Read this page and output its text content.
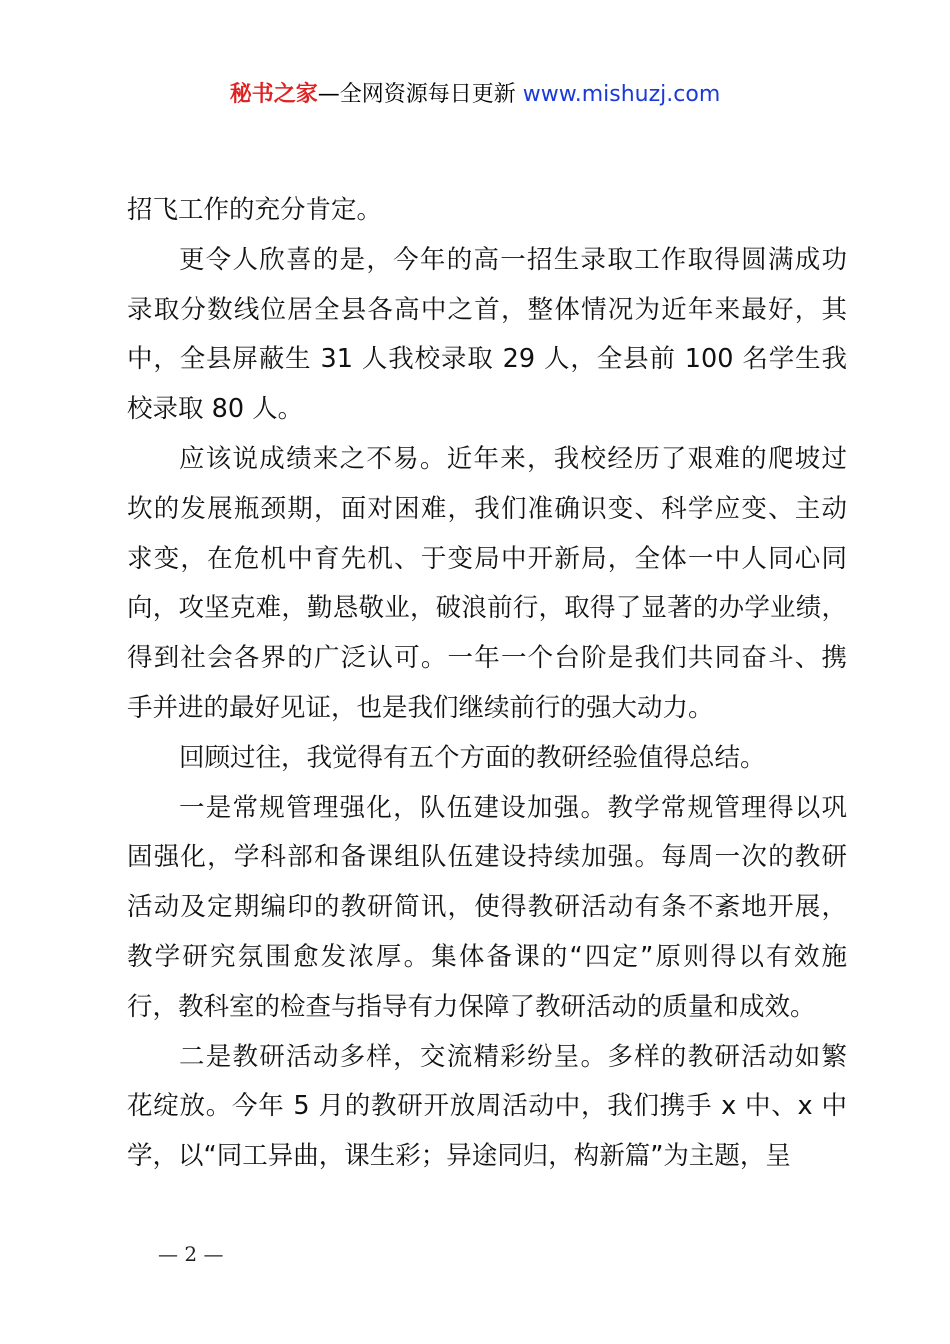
秘书之家—全网资源每日更新 www.mishuzj.com
招飞工作的充分肯定。
更令人欣喜的是，今年的高一招生录取工作取得圆满成功
录取分数线位居全县各高中之首，整体情况为近年来最好，其
中，全县屏蔽生 31 人我校录取 29 人，全县前 100 名学生我
校录取 80 人。
应该说成绩来之不易。近年来，我校经历了艰难的爬坡过
坎的发展瓶颈期，面对困难，我们准确识变、科学应变、主动
求变，在危机中育先机、于变局中开新局，全体一中人同心同
向，攻坚克难，勤恳敬业，破浪前行，取得了显著的办学业绩，
得到社会各界的广泛认可。一年一个台阶是我们共同奋斗、携
手并进的最好见证，也是我们继续前行的强大动力。
回顾过往，我觉得有五个方面的教研经验值得总结。
一是常规管理强化，队伍建设加强。教学常规管理得以巩
固强化，学科部和备课组队伍建设持续加强。每周一次的教研
活动及定期编印的教研简讯，使得教研活动有条不紊地开展，
教学研究氛围愈发浓厚。集体备课的“四定”原则得以有效施
行，教科室的检查与指导有力保障了教研活动的质量和成效。
二是教研活动多样，交流精彩纷呈。多样的教研活动如繁
花绽放。今年 5 月的教研开放周活动中，我们携手 x 中、x 中
学，以“同工异曲，课生彩；异途同归，构新篇”为主题，呈
— 2 —
